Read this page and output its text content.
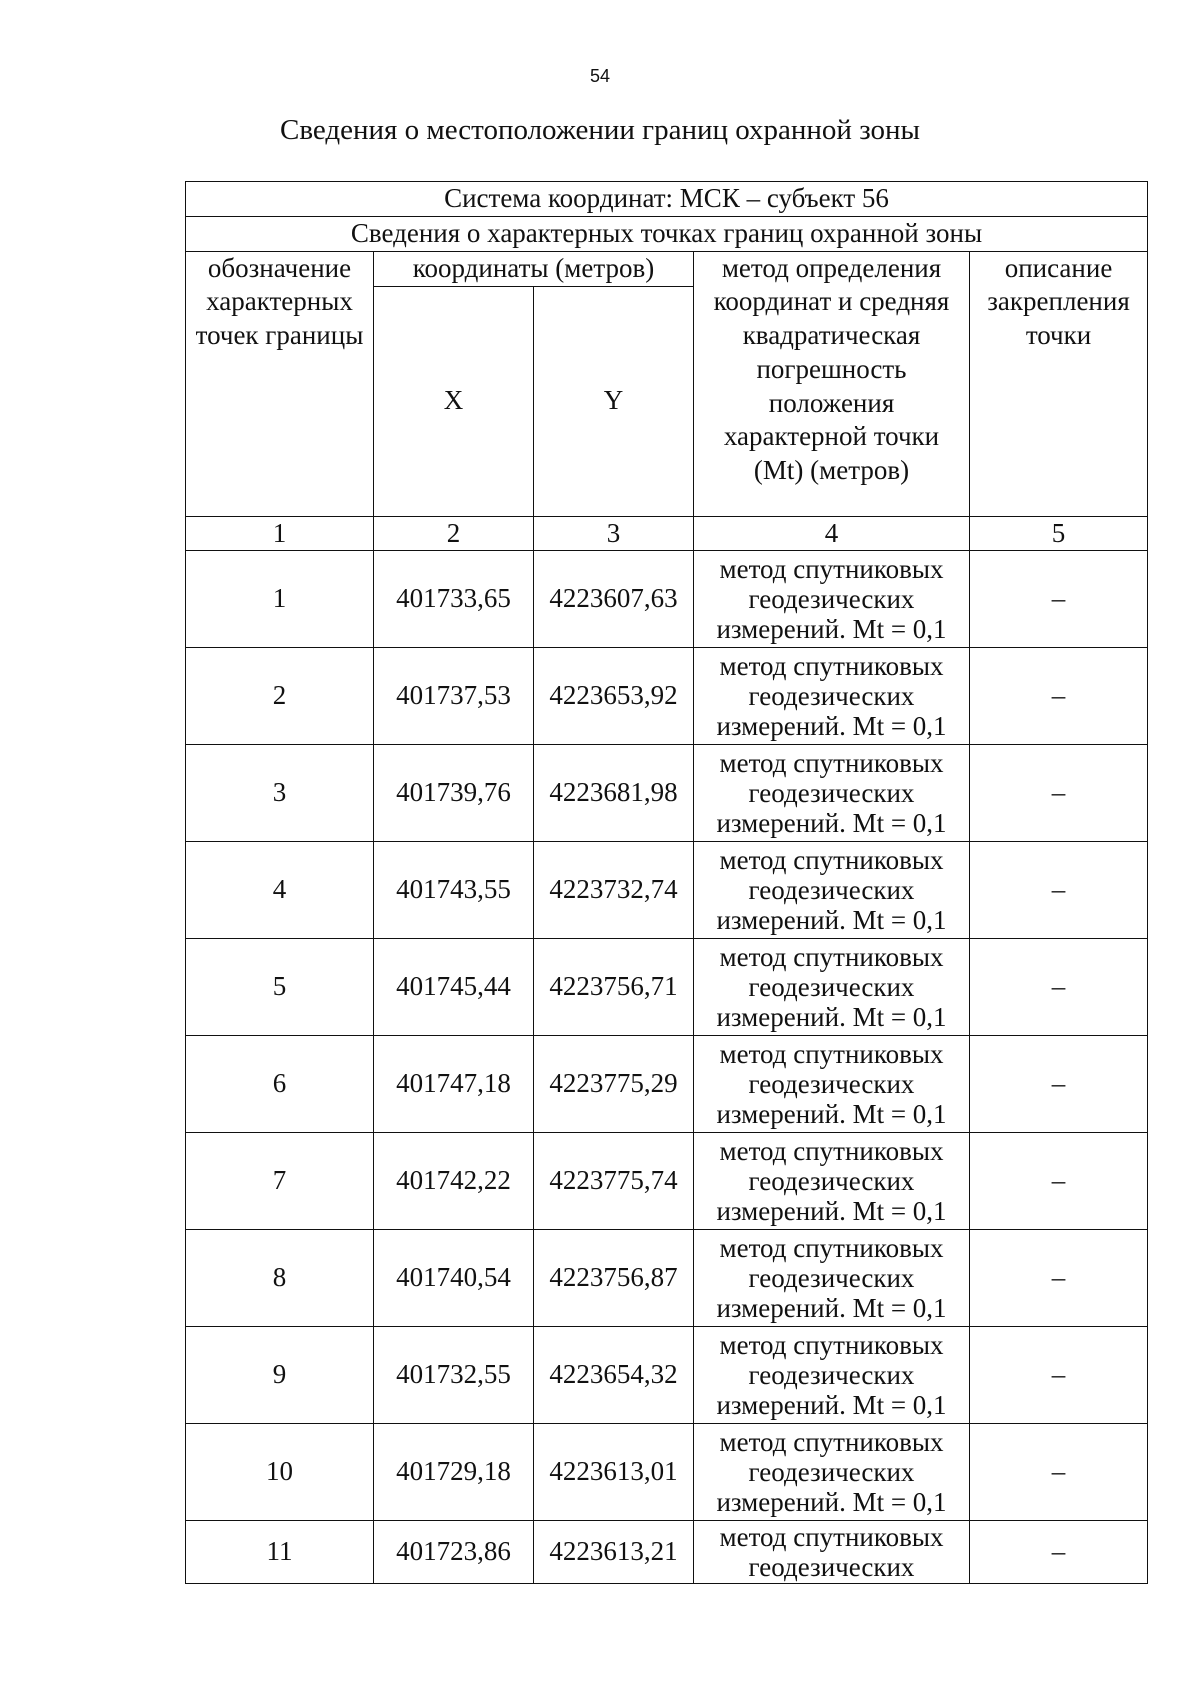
54
Сведения о местоположении границ охранной зоны
Система координат: МСК – субъект 56				
Сведения о характерных точках границ охранной зоны				
обозначение характерных точек границы	координаты (метров)		метод определения координат и средняя квадратическая погрешность положения характерной точки (Mt) (метров)	описание закрепления точки
	X	Y		
1	2	3	4	5
1	401733,65	4223607,63	метод спутниковых геодезических измерений. Mt = 0,1	–
2	401737,53	4223653,92	метод спутниковых геодезических измерений. Mt = 0,1	–
3	401739,76	4223681,98	метод спутниковых геодезических измерений. Mt = 0,1	–
4	401743,55	4223732,74	метод спутниковых геодезических измерений. Mt = 0,1	–
5	401745,44	4223756,71	метод спутниковых геодезических измерений. Mt = 0,1	–
6	401747,18	4223775,29	метод спутниковых геодезических измерений. Mt = 0,1	–
7	401742,22	4223775,74	метод спутниковых геодезических измерений. Mt = 0,1	–
8	401740,54	4223756,87	метод спутниковых геодезических измерений. Mt = 0,1	–
9	401732,55	4223654,32	метод спутниковых геодезических измерений. Mt = 0,1	–
10	401729,18	4223613,01	метод спутниковых геодезических измерений. Mt = 0,1	–
11	401723,86	4223613,21	метод спутниковых геодезических	–
